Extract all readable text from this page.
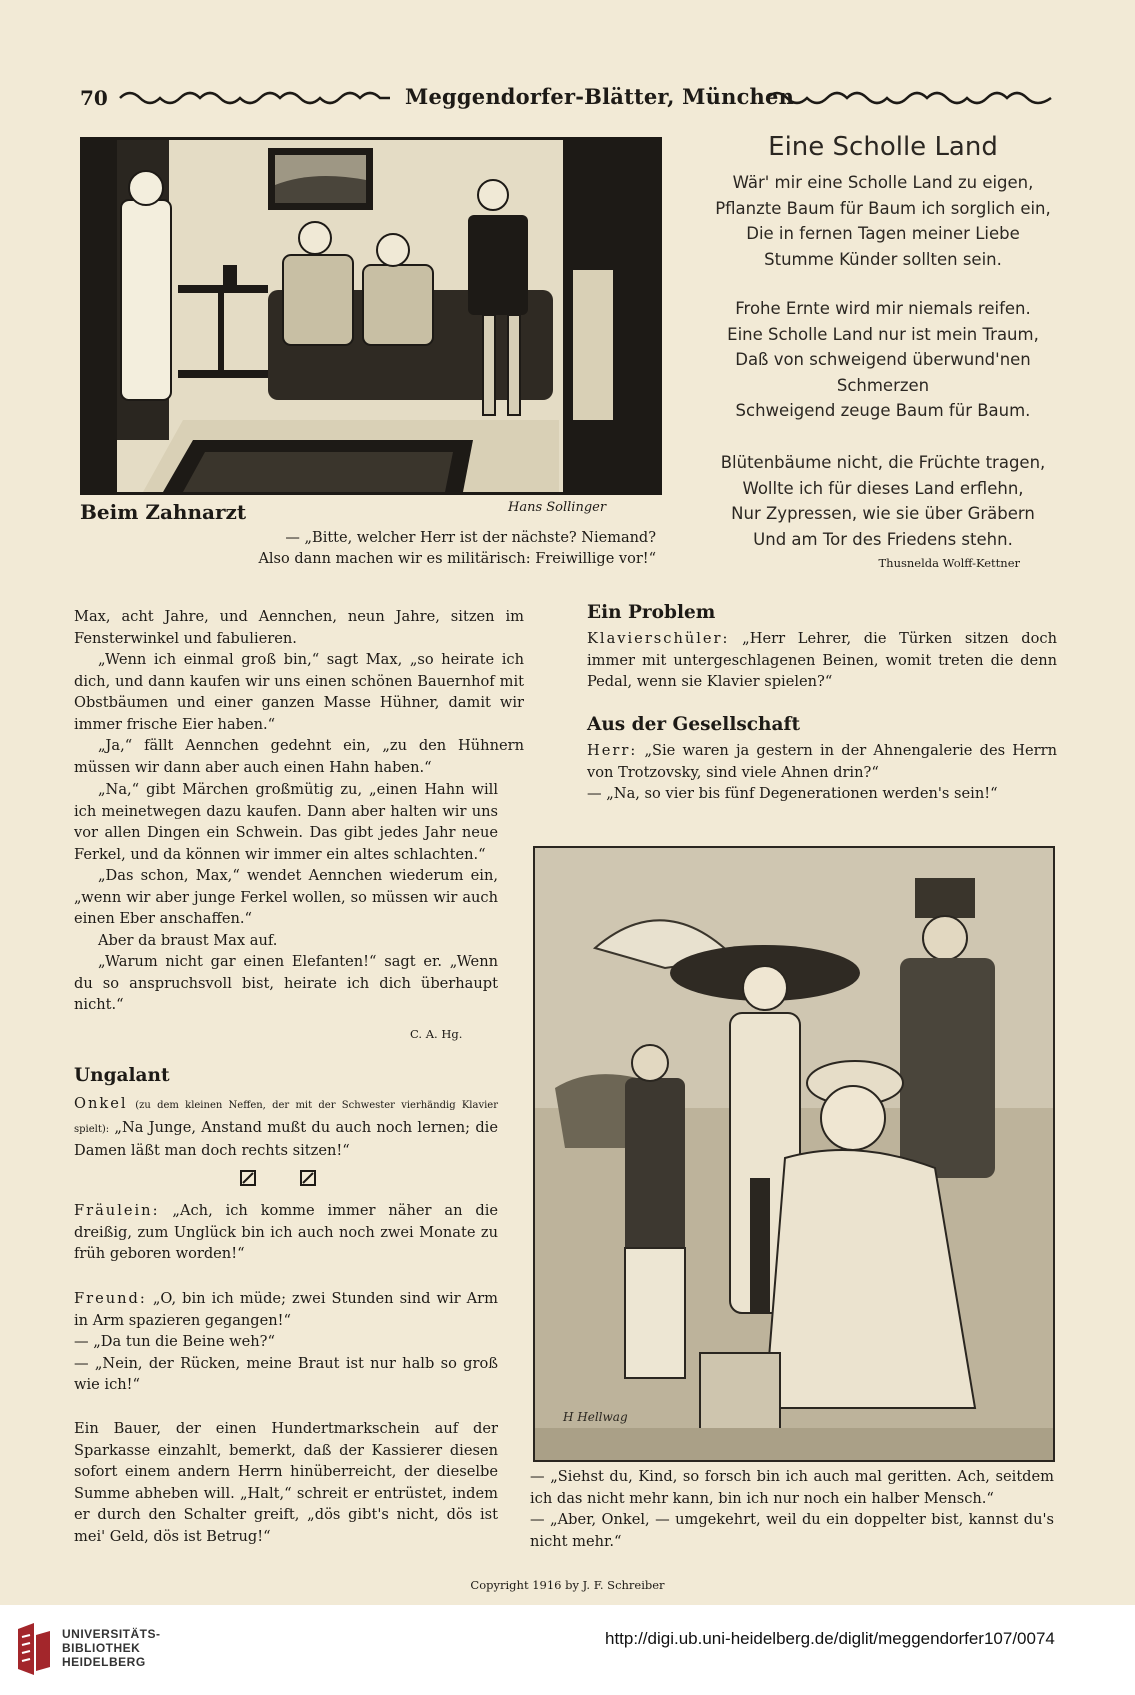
70	Meggendorfer-Blätter, München
Beim Zahnarzt	Hans Sollinger
— „Bitte, welcher Herr ist der nächste? Niemand?
Also dann machen wir es militärisch: Freiwillige vor!“
Eine Scholle Land
Wär' mir eine Scholle Land zu eigen,
Pflanzte Baum für Baum ich sorglich ein,
Die in fernen Tagen meiner Liebe
Stumme Künder sollten sein.
Frohe Ernte wird mir niemals reifen.
Eine Scholle Land nur ist mein Traum,
Daß von schweigend überwund'nen
Schmerzen
Schweigend zeuge Baum für Baum.
Blütenbäume nicht, die Früchte tragen,
Wollte ich für dieses Land erflehn,
Nur Zypressen, wie sie über Gräbern
Und am Tor des Friedens stehn.
Thusnelda Wolff-Kettner

Max, acht Jahre, und Aennchen, neun Jahre, sitzen im Fensterwinkel und fabulieren.

„Wenn ich einmal groß bin,“ sagt Max, „so heirate ich dich, und dann kaufen wir uns einen schönen Bauernhof mit Obstbäumen und einer ganzen Masse Hühner, damit wir immer frische Eier haben.“

„Ja,“ fällt Aennchen gedehnt ein, „zu den Hühnern müssen wir dann aber auch einen Hahn haben.“

„Na,“ gibt Märchen großmütig zu, „einen Hahn will ich meinetwegen dazu kaufen. Dann aber halten wir uns vor allen Dingen ein Schwein. Das gibt jedes Jahr neue Ferkel, und da können wir immer ein altes schlachten.“

„Das schon, Max,“ wendet Aennchen wiederum ein, „wenn wir aber junge Ferkel wollen, so müssen wir auch einen Eber anschaffen.“

Aber da braust Max auf.

„Warum nicht gar einen Elefanten!“ sagt er. „Wenn du so anspruchsvoll bist, heirate ich dich überhaupt nicht.“

C. A. Hg.
Ungalant

Onkel (zu dem kleinen Neffen, der mit der Schwester vierhändig Klavier spielt): „Na Junge, Anstand mußt du auch noch lernen; die Damen läßt man doch rechts sitzen!“

Fräulein: „Ach, ich komme immer näher an die dreißig, zum Unglück bin ich auch noch zwei Monate zu früh geboren worden!“

Freund: „O, bin ich müde; zwei Stunden sind wir Arm in Arm spazieren gegangen!“

— „Da tun die Beine weh?“

— „Nein, der Rücken, meine Braut ist nur halb so groß wie ich!“

Ein Bauer, der einen Hundertmarkschein auf der Sparkasse einzahlt, bemerkt, daß der Kassierer diesen sofort einem andern Herrn hinüberreicht, der dieselbe Summe abheben will. „Halt,“ schreit er entrüstet, indem er durch den Schalter greift, „dös gibt's nicht, dös ist mei' Geld, dös ist Betrug!“

Ein Problem

Klavierschüler: „Herr Lehrer, die Türken sitzen doch immer mit untergeschlagenen Beinen, womit treten die denn Pedal, wenn sie Klavier spielen?“

Aus der Gesellschaft

Herr: „Sie waren ja gestern in der Ahnengalerie des Herrn von Trotzovsky, sind viele Ahnen drin?“

— „Na, so vier bis fünf Degenerationen werden's sein!“

H Hellwag

— „Siehst du, Kind, so forsch bin ich auch mal geritten. Ach, seitdem ich das nicht mehr kann, bin ich nur noch ein halber Mensch.“

— „Aber, Onkel, — umgekehrt, weil du ein doppelter bist, kannst du's nicht mehr.“

Copyright 1916 by J. F. Schreiber
UNIVERSITÄTS-
BIBLIOTHEK
HEIDELBERG
http://digi.ub.uni-heidelberg.de/diglit/meggendorfer107/0074
